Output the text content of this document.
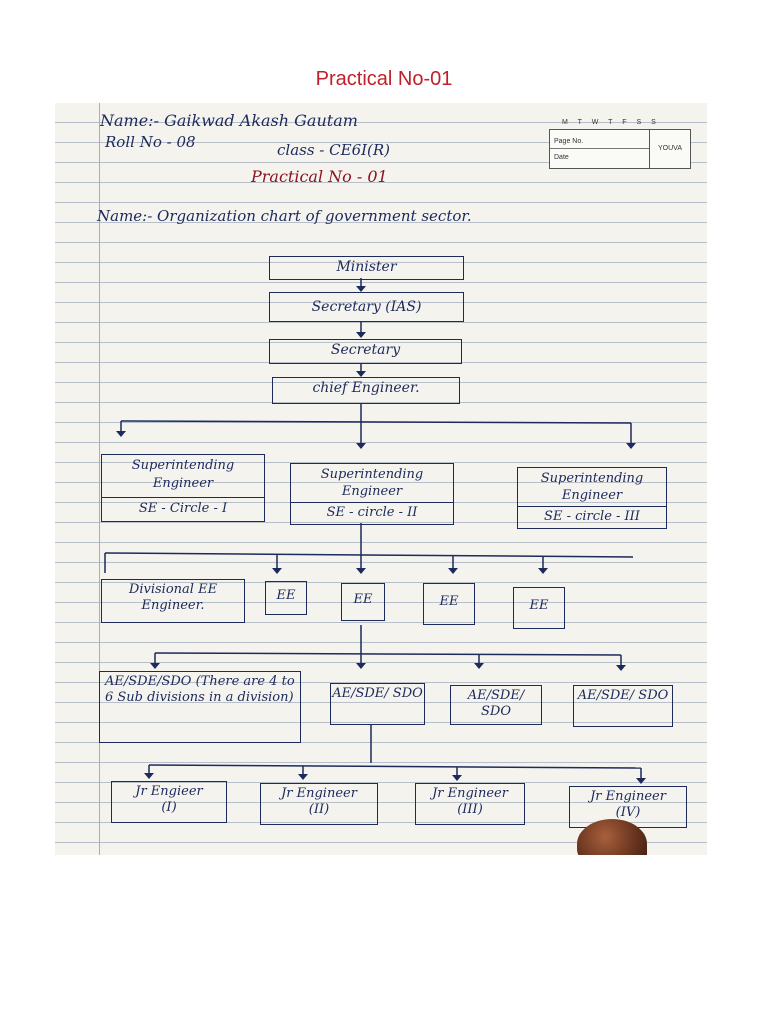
Practical No-01
Name:- Gaikwad Akash Gautam
Roll No - 08	class - CE6I(R)
M T W T F S S
Page No.
Date
YOUVA
Practical No - 01
Name:- Organization chart of government sector.
Minister
Secretary (IAS)
Secretary
chief Engineer.
Superintending Engineer
SE - Circle - I
Superintending Engineer
SE - circle - II
Superintending Engineer
SE - circle - III
Divisional EE Engineer.
EE	EE	EE	EE
AE/SDE/SDO (There are 4 to 6 Sub divisions in a division)	AE/SDE/ SDO	AE/SDE/ SDO
AE/SDE/ SDO
Jr Engieer
(I)
Jr Engineer
(II)
Jr Engineer
(III)
Jr Engineer
(IV)
